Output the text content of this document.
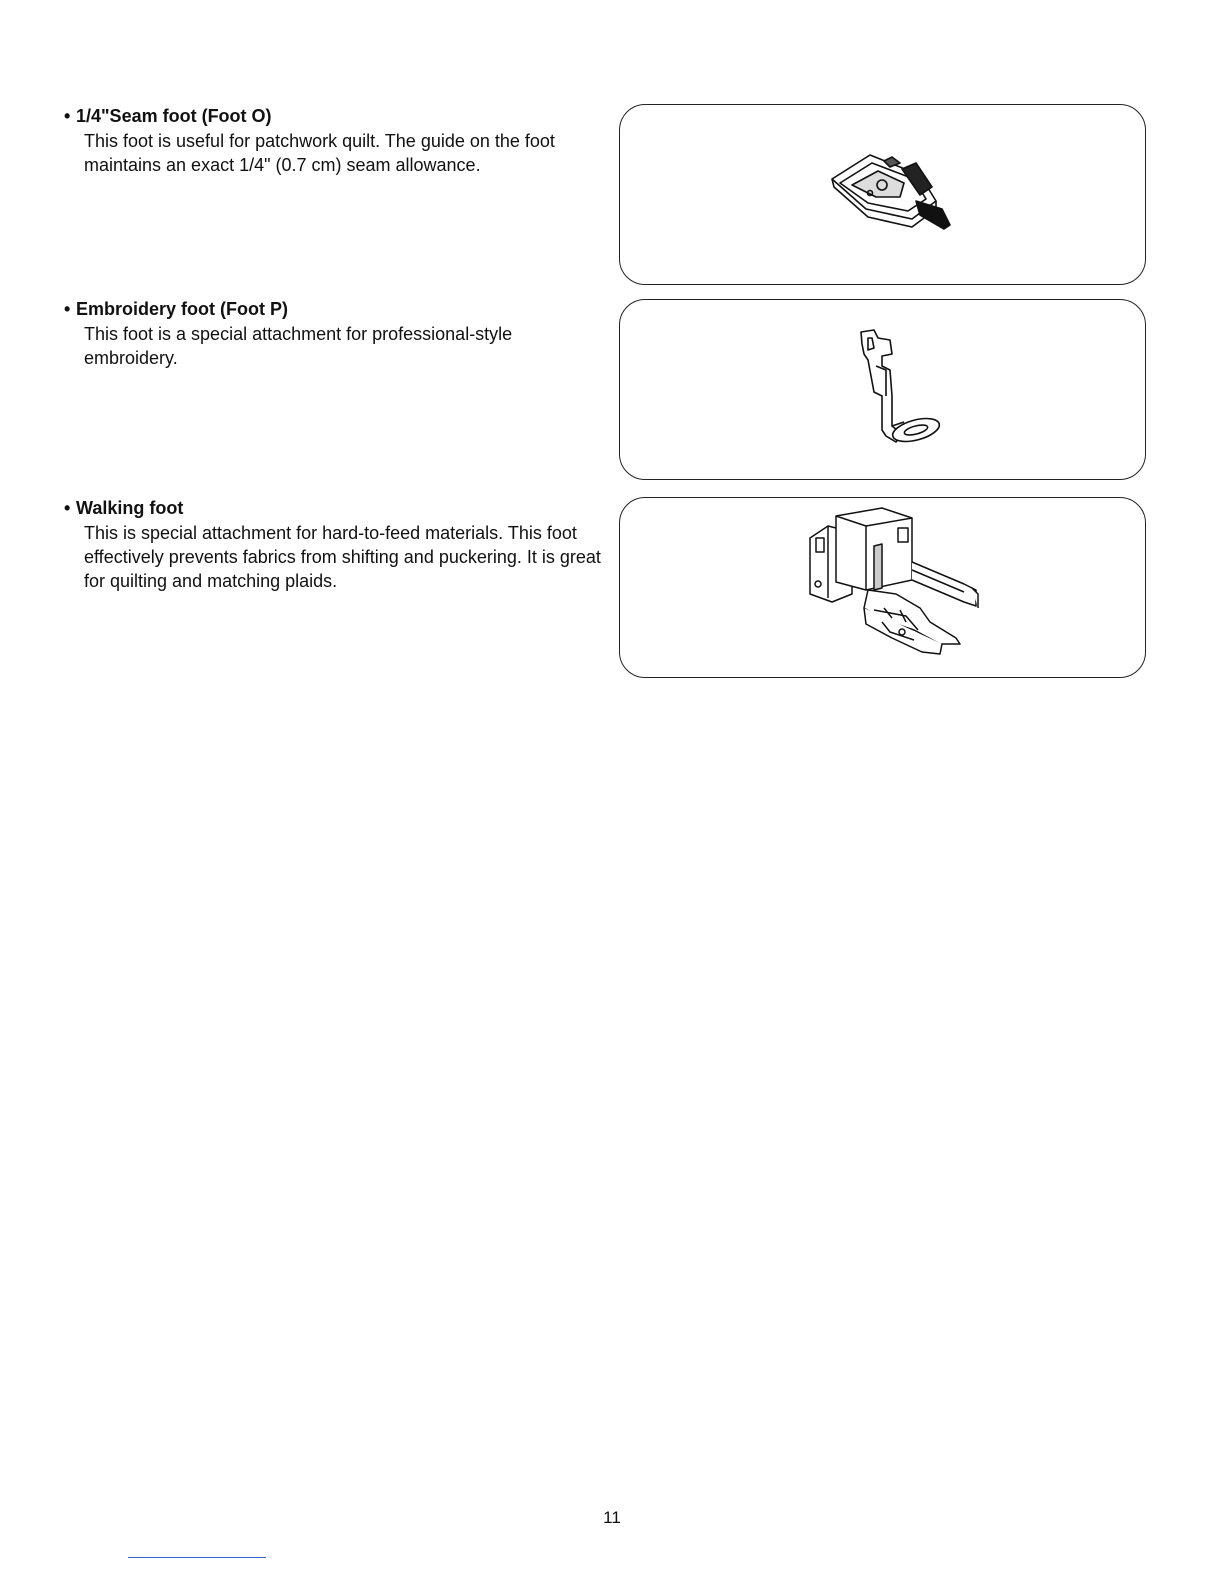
• 1/4"Seam foot (Foot O)

This foot is useful for patchwork quilt. The guide on the foot maintains an exact 1/4" (0.7 cm) seam allowance.

• Embroidery foot (Foot P)

This foot is a special attachment for professional-style embroidery.

• Walking foot

This is special attachment for hard-to-feed materials. This foot effectively prevents fabrics from shifting and puckering. It is great for quilting and matching plaids.

11
